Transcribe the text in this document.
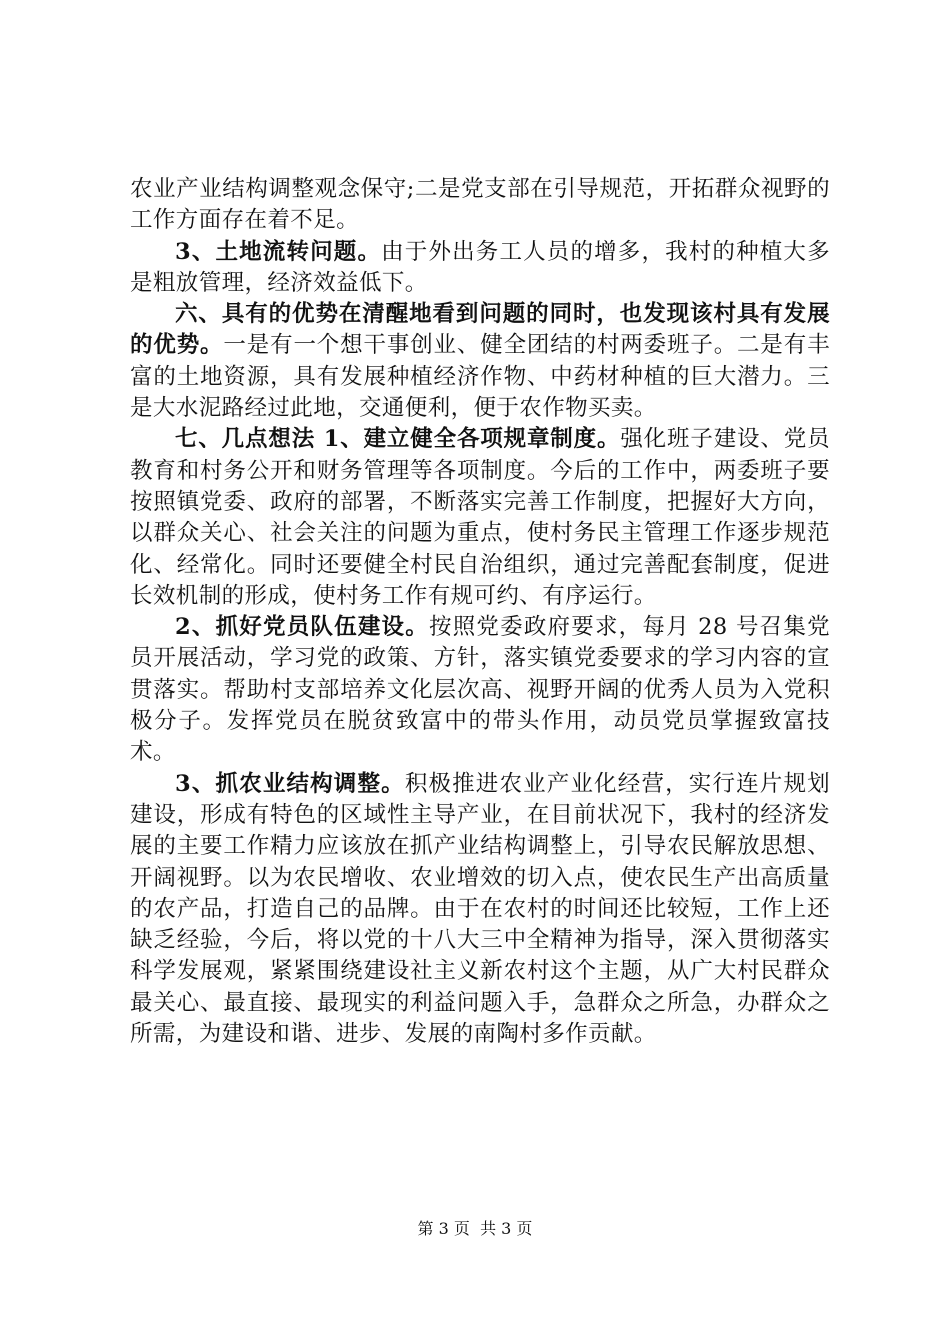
农业产业结构调整观念保守;二是党支部在引导规范，开拓群众视野的工作方面存在着不足。

3、土地流转问题。由于外出务工人员的增多，我村的种植大多是粗放管理，经济效益低下。

六、具有的优势在清醒地看到问题的同时，也发现该村具有发展的优势。一是有一个想干事创业、健全团结的村两委班子。二是有丰富的土地资源，具有发展种植经济作物、中药材种植的巨大潜力。三是大水泥路经过此地，交通便利，便于农作物买卖。

七、几点想法 1、建立健全各项规章制度。强化班子建设、党员教育和村务公开和财务管理等各项制度。今后的工作中，两委班子要按照镇党委、政府的部署，不断落实完善工作制度，把握好大方向，以群众关心、社会关注的问题为重点，使村务民主管理工作逐步规范化、经常化。同时还要健全村民自治组织，通过完善配套制度，促进长效机制的形成，使村务工作有规可约、有序运行。

2、抓好党员队伍建设。按照党委政府要求，每月 28 号召集党员开展活动，学习党的政策、方针，落实镇党委要求的学习内容的宣贯落实。帮助村支部培养文化层次高、视野开阔的优秀人员为入党积极分子。发挥党员在脱贫致富中的带头作用，动员党员掌握致富技术。

3、抓农业结构调整。积极推进农业产业化经营，实行连片规划建设，形成有特色的区域性主导产业，在目前状况下，我村的经济发展的主要工作精力应该放在抓产业结构调整上，引导农民解放思想、开阔视野。以为农民增收、农业增效的切入点，使农民生产出高质量的农产品，打造自己的品牌。由于在农村的时间还比较短，工作上还缺乏经验，今后，将以党的十八大三中全精神为指导，深入贯彻落实科学发展观，紧紧围绕建设社主义新农村这个主题，从广大村民群众最关心、最直接、最现实的利益问题入手，急群众之所急，办群众之所需，为建设和谐、进步、发展的南陶村多作贡献。

第 3 页  共 3 页
